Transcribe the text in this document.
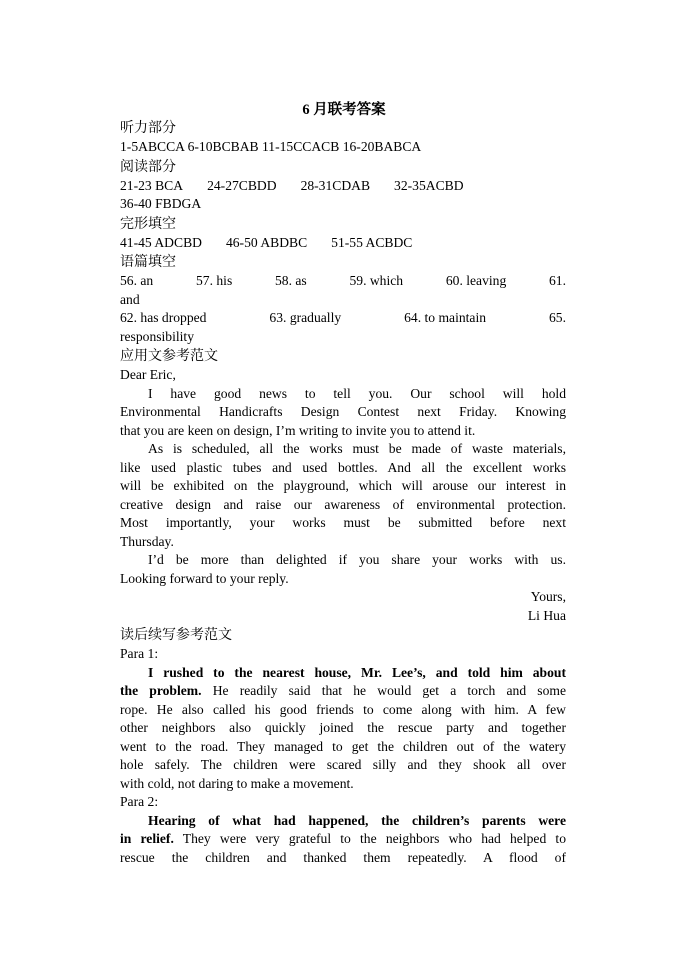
6 月联考答案
听力部分
1-5ABCCA 6-10BCBAB 11-15CCACB 16-20BABCA
阅读部分
21-23 BCA 24-27CBDD 28-31CDAB 32-35ACBD
36-40 FBDGA
完形填空
41-45 ADCBD 46-50 ABDBC 51-55 ACBDC
语篇填空
56. an	57. his	58. as	59. which	60. leaving	61.
and
62. has dropped	63. gradually	64. to maintain	65.
responsibility
应用文参考范文
Dear Eric,
I have good news to tell you. Our school will hold
Environmental Handicrafts Design Contest next Friday. Knowing
that you are keen on design, I’m writing to invite you to attend it.
As is scheduled, all the works must be made of waste materials,
like used plastic tubes and used bottles. And all the excellent works
will be exhibited on the playground, which will arouse our interest in
creative design and raise our awareness of environmental protection.
Most importantly, your works must be submitted before next
Thursday.
I’d be more than delighted if you share your works with us.
Looking forward to your reply.
Yours,
Li Hua
读后续写参考范文
Para 1:
I rushed to the nearest house, Mr. Lee’s, and told him about
the problem. He readily said that he would get a torch and some
rope. He also called his good friends to come along with him. A few
other neighbors also quickly joined the rescue party and together
went to the road. They managed to get the children out of the watery
hole safely. The children were scared silly and they shook all over
with cold, not daring to make a movement.
Para 2:
Hearing of what had happened, the children’s parents were
in relief. They were very grateful to the neighbors who had helped to
rescue the children and thanked them repeatedly. A flood of
